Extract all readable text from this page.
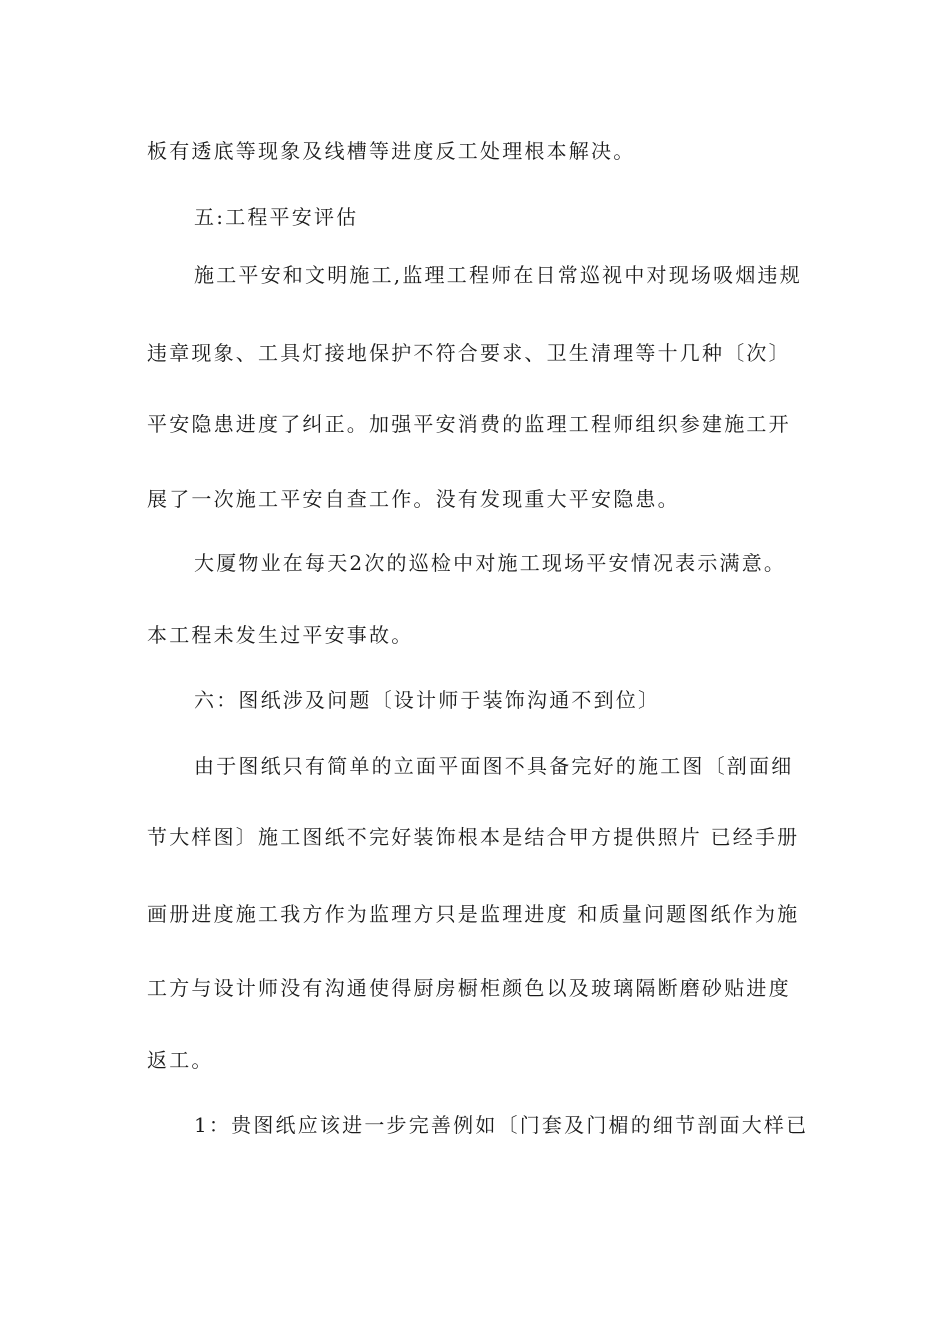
板有透底等现象及线槽等进度反工处理根本解决。
五:工程平安评估
施工平安和文明施工,监理工程师在日常巡视中对现场吸烟违规
违章现象、工具灯接地保护不符合要求、卫生清理等十几种〔次〕
平安隐患进度了纠正。加强平安消费的监理工程师组织参建施工开
展了一次施工平安自查工作。没有发现重大平安隐患。
大厦物业在每天2次的巡检中对施工现场平安情况表示满意。
本工程未发生过平安事故。
六：图纸涉及问题〔设计师于装饰沟通不到位〕
由于图纸只有简单的立面平面图不具备完好的施工图〔剖面细
节大样图〕施工图纸不完好装饰根本是结合甲方提供照片 已经手册
画册进度施工我方作为监理方只是监理进度 和质量问题图纸作为施
工方与设计师没有沟通使得厨房橱柜颜色以及玻璃隔断磨砂贴进度
返工。
1：贵图纸应该进一步完善例如〔门套及门楣的细节剖面大样已
